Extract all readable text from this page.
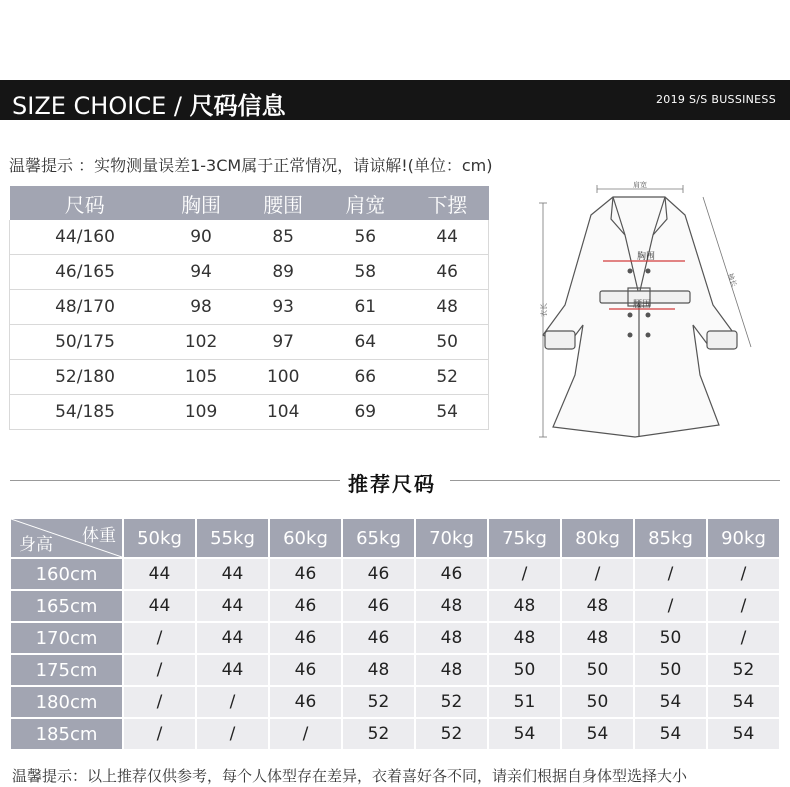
SIZE CHOICE / 尺码信息	2019 S/S BUSSINESS
温馨提示 ：实物测量误差1-3CM属于正常情况，请谅解!(单位：cm)
尺码	胸围	腰围	肩宽	下摆
44/160	90	85	56	44
46/165	94	89	58	46
48/170	98	93	61	48
50/175	102	97	64	50
52/180	105	100	66	52
54/185	109	104	69	54
肩宽
胸围
腰围
衣长
袖长
推荐尺码
体重
身高	50kg	55kg	60kg	65kg	70kg	75kg	80kg	85kg	90kg
160cm	44	44	46	46	46	/	/	/	/
165cm	44	44	46	46	48	48	48	/	/
170cm	/	44	46	46	48	48	48	50	/
175cm	/	44	46	48	48	50	50	50	52
180cm	/	/	46	52	52	51	50	54	54
185cm	/	/	/	52	52	54	54	54	54
温馨提示：以上推荐仅供参考，每个人体型存在差异，衣着喜好各不同，请亲们根据自身体型选择大小
